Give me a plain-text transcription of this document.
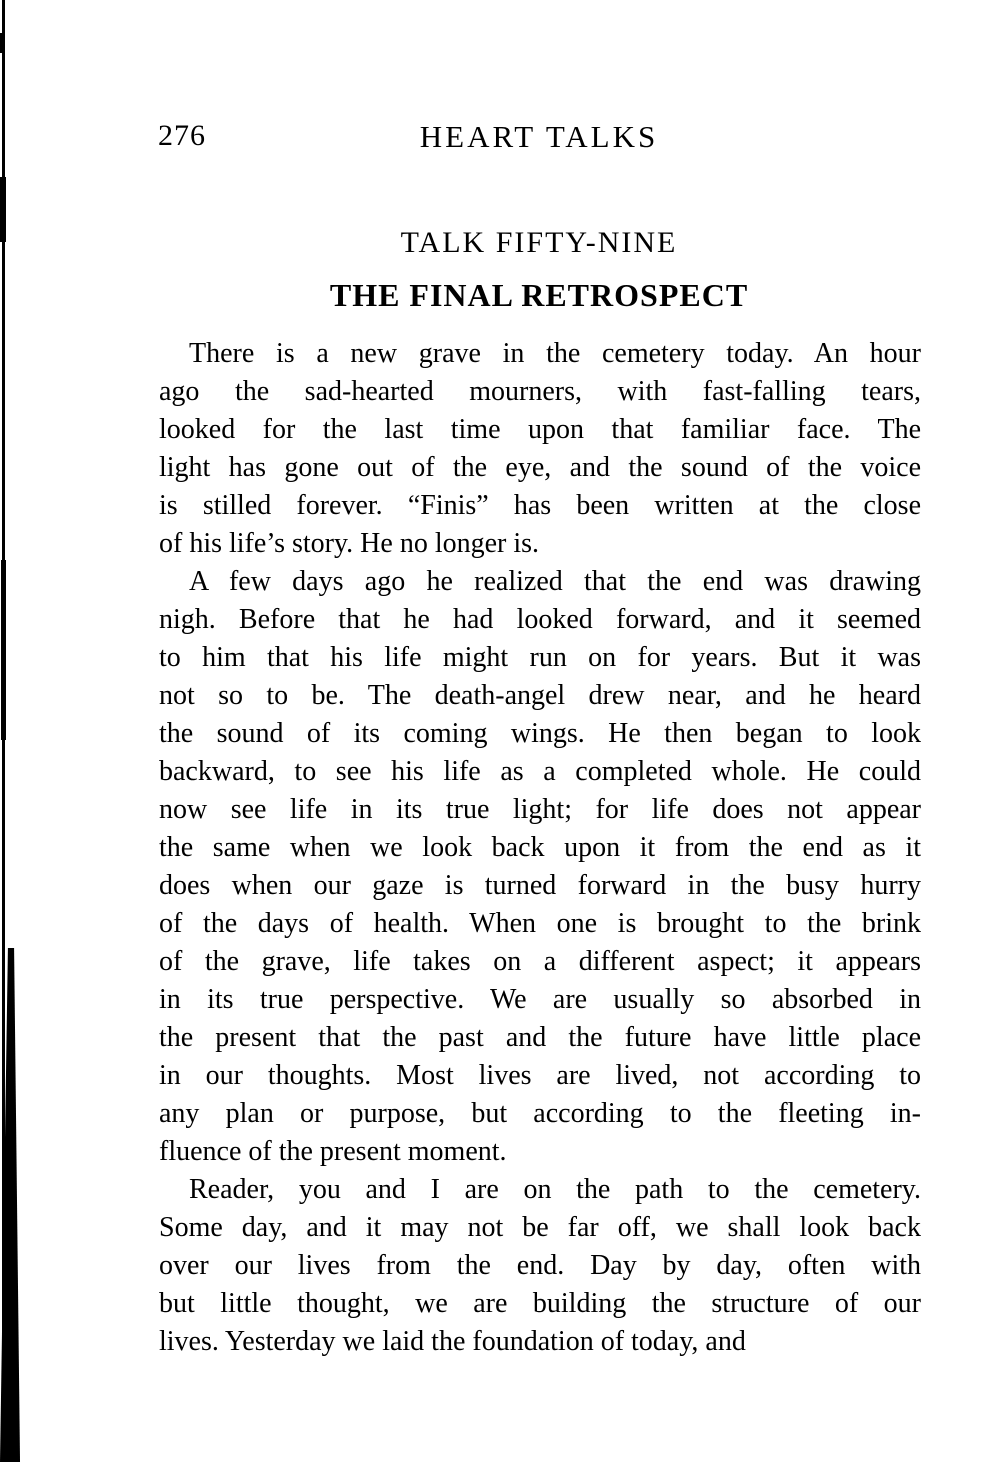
276	HEART TALKS
TALK FIFTY-NINE
THE FINAL RETROSPECT
There is a new grave in the cemetery today. An hour
ago the sad-hearted mourners, with fast-falling tears,
looked for the last time upon that familiar face. The
light has gone out of the eye, and the sound of the voice
is stilled forever. “Finis” has been written at the close
of his life’s story. He no longer is.
A few days ago he realized that the end was drawing
nigh. Before that he had looked forward, and it seemed
to him that his life might run on for years. But it was
not so to be. The death-angel drew near, and he heard
the sound of its coming wings. He then began to look
backward, to see his life as a completed whole. He could
now see life in its true light; for life does not appear
the same when we look back upon it from the end as it
does when our gaze is turned forward in the busy hurry
of the days of health. When one is brought to the brink
of the grave, life takes on a different aspect; it appears
in its true perspective. We are usually so absorbed in
the present that the past and the future have little place
in our thoughts. Most lives are lived, not according to
any plan or purpose, but according to the fleeting in-
fluence of the present moment.
Reader, you and I are on the path to the cemetery.
Some day, and it may not be far off, we shall look back
over our lives from the end. Day by day, often with
but little thought, we are building the structure of our
lives. Yesterday we laid the foundation of today, and
